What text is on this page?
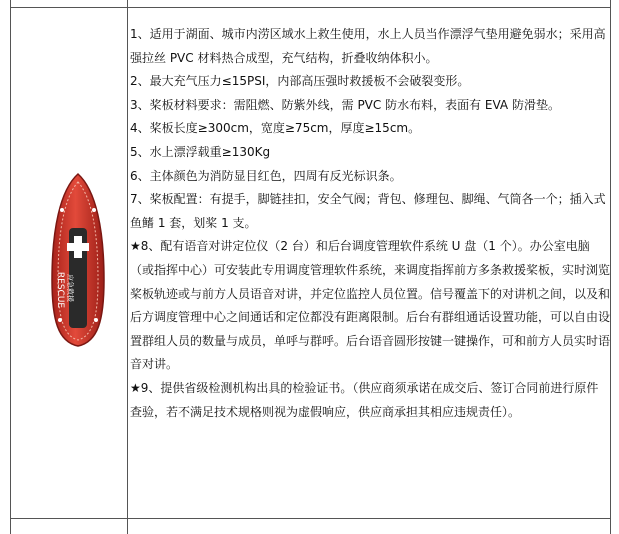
RESCUE 应急救援

1、适用于湖面、城市内涝区域水上救生使用，水上人员当作漂浮气垫用避免弱水；采用高强拉丝 PVC 材料热合成型，充气结构，折叠收纳体积小。

2、最大充气压力≤15PSI，内部高压强时救援板不会破裂变形。

3、桨板材料要求：需阻燃、防紫外线，需 PVC 防水布料，表面有 EVA 防滑垫。

4、桨板长度≥300cm，宽度≥75cm，厚度≥15cm。

5、水上漂浮载重≥130Kg

6、主体颜色为消防显目红色，四周有反光标识条。

7、桨板配置：有提手，脚链挂扣，安全气阀；背包、修理包、脚绳、气筒各一个；插入式鱼鳍 1 套，划桨 1 支。

★8、配有语音对讲定位仪（2 台）和后台调度管理软件系统 U 盘（1 个）。办公室电脑（或指挥中心）可安装此专用调度管理软件系统，来调度指挥前方多条救援桨板，实时浏览桨板轨迹或与前方人员语音对讲，并定位监控人员位置。信号覆盖下的对讲机之间，以及和后方调度管理中心之间通话和定位都没有距离限制。后台有群组通话设置功能，可以自由设置群组人员的数量与成员，单呼与群呼。后台语音圆形按键一键操作，可和前方人员实时语音对讲。

★9、提供省级检测机构出具的检验证书。（供应商须承诺在成交后、签订合同前进行原件查验，若不满足技术规格则视为虚假响应，供应商承担其相应违规责任）。
